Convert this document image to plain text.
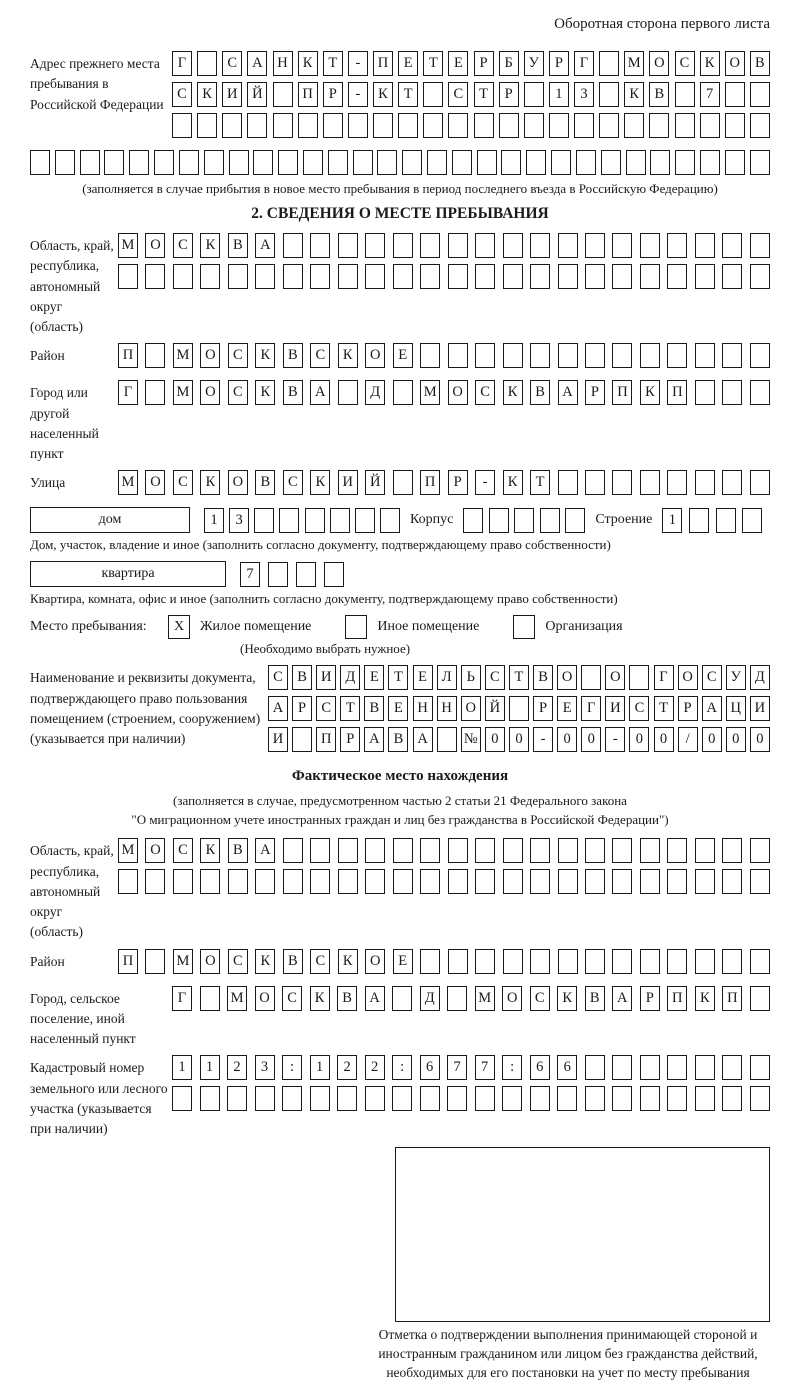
Оборотная сторона первого листа
Адрес прежнего места пребывания в Российской Федерации
Г	С	А	Н	К	Т	-	П	Е	Т	Е	Р	Б	У	Р	Г	М О	С	К	О	В
С	К	И	Й	П	Р	-	К	Т	С	Т	Р	1	3	К	В	7
(заполняется в случае прибытия в новое место пребывания в период последнего въезда в Российскую Федерацию)
2. СВЕДЕНИЯ О МЕСТЕ ПРЕБЫВАНИЯ
Область, край, республика, автономный округ (область)
М	О	С	К	В	А
Район	П	М	О	С	К	В	С	К	О	Е
Город или другой населенный пункт
Г	М	О	С	К	В	А	Д	М	О	С	К	В	А	Р	П	К	П
Улица	М	О	С	К	О	В	С	К	И	Й	П	Р	-	К	Т
дом	1	3	Корпус	Строение	1
Дом, участок, владение и иное (заполнить согласно документу, подтверждающему право собственности)
квартира	7
Квартира, комната, офис и иное (заполнить согласно документу, подтверждающему право собственности)
Место пребывания:	X	Жилое помещение	Иное помещение	Организация
(Необходимо выбрать нужное)
Наименование и реквизиты документа, подтверждающего право пользования помещением (строением, сооружением) (указывается при наличии)
С В И Д	Е	Т	Е	Л	Ь	С	Т	В О	О	Г	О С У Д
А	Р	С	Т	В	Е Н Н О Й	Р	Е	Г	И С	Т	Р	А Ц И
И	П	Р	А В А	№ 0	0	-	0	0	-	0	0	/	0	0	0
Фактическое место нахождения
(заполняется в случае, предусмотренном частью 2 статьи 21 Федерального закона
"О миграционном учете иностранных граждан и лиц без гражданства в Российской Федерации")
Область, край, республика, автономный округ (область)
М	О	С	К	В	А
Район	П	М	О	С	К	В	С	К	О	Е
Город, сельское поселение, иной населенный пункт
Г	М	О	С	К	В	А	Д	М	О	С	К	В	А	Р	П	К	П
Кадастровый номер земельного или лесного участка (указывается при наличии)
1	1	2	3	:	1	2	2	:	6	7	7	:	6	6
Отметка о подтверждении выполнения принимающей стороной и иностранным гражданином или лицом без гражданства действий, необходимых для его постановки на учет по месту пребывания
